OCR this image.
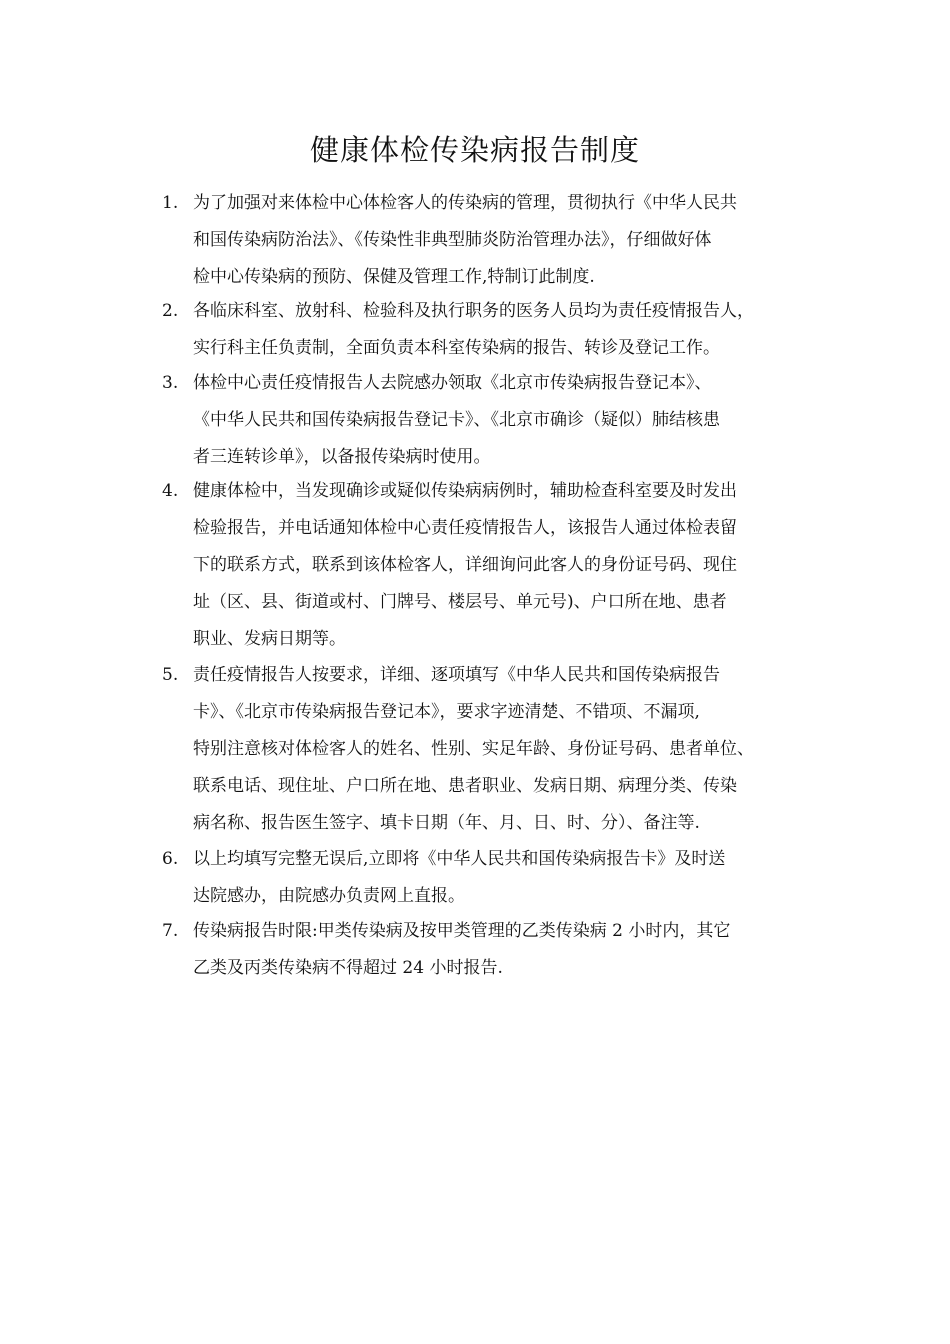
健康体检传染病报告制度
1. 为了加强对来体检中心体检客人的传染病的管理，贯彻执行《中华人民共
和国传染病防治法》、《传染性非典型肺炎防治管理办法》，仔细做好体
检中心传染病的预防、保健及管理工作,特制订此制度.

2. 各临床科室、放射科、检验科及执行职务的医务人员均为责任疫情报告人，
实行科主任负责制，全面负责本科室传染病的报告、转诊及登记工作。

3. 体检中心责任疫情报告人去院感办领取《北京市传染病报告登记本》、
《中华人民共和国传染病报告登记卡》、《北京市确诊（疑似）肺结核患
者三连转诊单》，以备报传染病时使用。

4. 健康体检中，当发现确诊或疑似传染病病例时，辅助检查科室要及时发出
检验报告，并电话通知体检中心责任疫情报告人，该报告人通过体检表留
下的联系方式，联系到该体检客人，详细询问此客人的身份证号码、现住
址（区、县、街道或村、门牌号、楼层号、单元号)、户口所在地、患者
职业、发病日期等。

5. 责任疫情报告人按要求，详细、逐项填写《中华人民共和国传染病报告
卡》、《北京市传染病报告登记本》，要求字迹清楚、不错项、不漏项,
特别注意核对体检客人的姓名、性别、实足年龄、身份证号码、患者单位、
联系电话、现住址、户口所在地、患者职业、发病日期、病理分类、传染
病名称、报告医生签字、填卡日期（年、月、日、时、分）、备注等.

6. 以上均填写完整无误后,立即将《中华人民共和国传染病报告卡》及时送
达院感办，由院感办负责网上直报。

7. 传染病报告时限:甲类传染病及按甲类管理的乙类传染病 2 小时内，其它
乙类及丙类传染病不得超过 24 小时报告.
